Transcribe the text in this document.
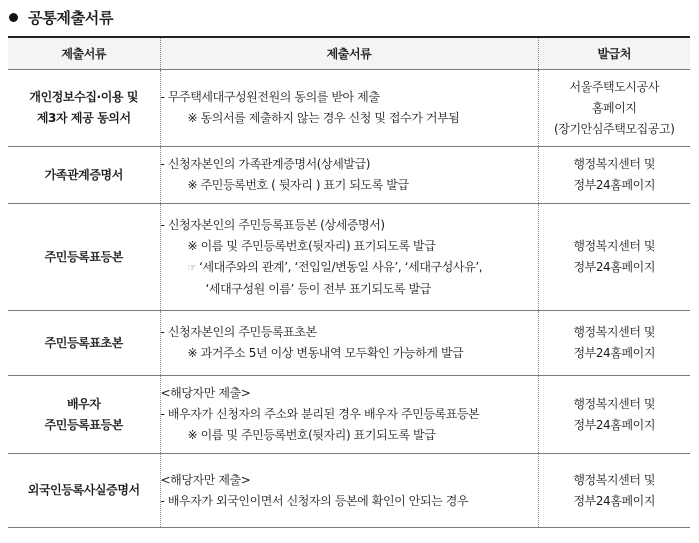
공통제출서류
제출서류	제출서류	발급처

개인정보수집·이용 및
제3자 제공 동의서	- 무주택세대구성원전원의 동의를 받아 제출
※ 동의서를 제출하지 않는 경우 신청 및 접수가 거부됨	서울주택도시공사
홈페이지
(장기안심주택모집공고)

가족관계증명서	- 신청자본인의 가족관계증명서(상세발급)
※ 주민등록번호 ( 뒷자리 ) 표기 되도록 발급	행정복지센터 및
정부24홈페이지

주민등록표등본	- 신청자본인의 주민등록표등본 (상세증명서)
※ 이름 및 주민등록번호(뒷자리) 표기되도록 발급
☞ ‘세대주와의 관계’, ‘전입일/변동일 사유’, ‘세대구성사유’,
‘세대구성원 이름’ 등이 전부 표기되도록 발급	행정복지센터 및
정부24홈페이지

주민등록표초본	- 신청자본인의 주민등록표초본
※ 과거주소 5년 이상 변동내역 모두확인 가능하게 발급	행정복지센터 및
정부24홈페이지

배우자
주민등록표등본	<해당자만 제출>
- 배우자가 신청자의 주소와 분리된 경우 배우자 주민등록표등본
※ 이름 및 주민등록번호(뒷자리) 표기되도록 발급	행정복지센터 및
정부24홈페이지

외국인등록사실증명서	<해당자만 제출>
- 배우자가 외국인이면서 신청자의 등본에 확인이 안되는 경우	행정복지센터 및
정부24홈페이지
